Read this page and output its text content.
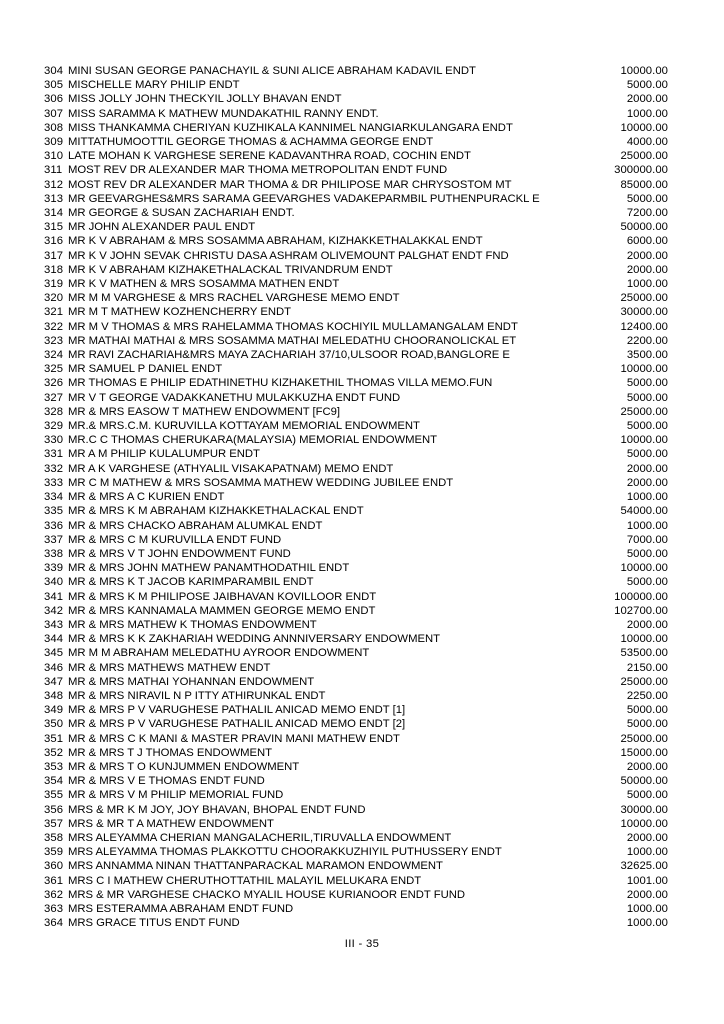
304	MINI SUSAN GEORGE PANACHAYIL & SUNI ALICE ABRAHAM KADAVIL ENDT	10000.00
305	MISCHELLE MARY PHILIP ENDT	5000.00
306	MISS JOLLY JOHN THECKYIL JOLLY BHAVAN ENDT	2000.00
307	MISS SARAMMA K MATHEW MUNDAKATHIL RANNY ENDT.	1000.00
308	MISS THANKAMMA CHERIYAN KUZHIKALA KANNIMEL NANGIARKULANGARA ENDT	10000.00
309	MITTATHUMOOTTIL GEORGE THOMAS & ACHAMMA GEORGE ENDT	4000.00
310	LATE MOHAN K VARGHESE SERENE KADAVANTHRA ROAD, COCHIN ENDT	25000.00
311	MOST REV DR ALEXANDER MAR THOMA METROPOLITAN ENDT FUND	300000.00
312	MOST REV DR ALEXANDER MAR THOMA & DR PHILIPOSE MAR CHRYSOSTOM MT	85000.00
313	MR GEEVARGHES&MRS SARAMA GEEVARGHES VADAKEPARMBIL PUTHENPURACKL E	5000.00
314	MR GEORGE & SUSAN ZACHARIAH ENDT.	7200.00
315	MR JOHN ALEXANDER PAUL ENDT	50000.00
316	MR K V ABRAHAM & MRS SOSAMMA ABRAHAM, KIZHAKKETHALAKKAL ENDT	6000.00
317	MR K V JOHN SEVAK CHRISTU DASA ASHRAM OLIVEMOUNT PALGHAT ENDT FND	2000.00
318	MR K V ABRAHAM KIZHAKETHALACKAL TRIVANDRUM ENDT	2000.00
319	MR K V MATHEN & MRS SOSAMMA MATHEN ENDT	1000.00
320	MR M M VARGHESE & MRS RACHEL VARGHESE MEMO ENDT	25000.00
321	MR M T MATHEW KOZHENCHERRY ENDT	30000.00
322	MR M V THOMAS & MRS RAHELAMMA THOMAS KOCHIYIL MULLAMANGALAM ENDT	12400.00
323	MR MATHAI MATHAI & MRS SOSAMMA MATHAI MELEDATHU CHOORANOLICKAL ET	2200.00
324	MR RAVI ZACHARIAH&MRS MAYA ZACHARIAH 37/10,ULSOOR ROAD,BANGLORE E	3500.00
325	MR SAMUEL P DANIEL ENDT	10000.00
326	MR THOMAS E PHILIP EDATHINETHU KIZHAKETHIL THOMAS VILLA MEMO.FUN	5000.00
327	MR V T GEORGE VADAKKANETHU MULAKKUZHA ENDT FUND	5000.00
328	MR & MRS EASOW T MATHEW ENDOWMENT [FC9]	25000.00
329	MR.& MRS.C.M. KURUVILLA KOTTAYAM MEMORIAL ENDOWMENT	5000.00
330	MR.C C THOMAS CHERUKARA(MALAYSIA) MEMORIAL ENDOWMENT	10000.00
331	MR A M PHILIP KULALUMPUR ENDT	5000.00
332	MR A K VARGHESE (ATHYALIL VISAKAPATNAM) MEMO ENDT	2000.00
333	MR C M MATHEW & MRS SOSAMMA MATHEW WEDDING JUBILEE ENDT	2000.00
334	MR & MRS A C KURIEN ENDT	1000.00
335	MR & MRS K M ABRAHAM KIZHAKKETHALACKAL ENDT	54000.00
336	MR & MRS CHACKO ABRAHAM ALUMKAL ENDT	1000.00
337	MR & MRS C M KURUVILLA ENDT FUND	7000.00
338	MR & MRS V T JOHN ENDOWMENT FUND	5000.00
339	MR & MRS JOHN MATHEW PANAMTHODATHIL ENDT	10000.00
340	MR & MRS K T JACOB KARIMPARAMBIL ENDT	5000.00
341	MR & MRS K M PHILIPOSE JAIBHAVAN KOVILLOOR ENDT	100000.00
342	MR & MRS KANNAMALA MAMMEN GEORGE MEMO ENDT	102700.00
343	MR & MRS MATHEW K THOMAS ENDOWMENT	2000.00
344	MR & MRS K K ZAKHARIAH WEDDING ANNNIVERSARY ENDOWMENT	10000.00
345	MR M M ABRAHAM MELEDATHU AYROOR ENDOWMENT	53500.00
346	MR & MRS MATHEWS MATHEW ENDT	2150.00
347	MR & MRS MATHAI YOHANNAN ENDOWMENT	25000.00
348	MR & MRS NIRAVIL N P ITTY ATHIRUNKAL ENDT	2250.00
349	MR & MRS P V VARUGHESE PATHALIL ANICAD MEMO ENDT [1]	5000.00
350	MR & MRS P V VARUGHESE PATHALIL ANICAD MEMO ENDT [2]	5000.00
351	MR & MRS C K MANI & MASTER PRAVIN MANI MATHEW ENDT	25000.00
352	MR & MRS T J THOMAS ENDOWMENT	15000.00
353	MR & MRS T O KUNJUMMEN ENDOWMENT	2000.00
354	MR & MRS V E THOMAS ENDT FUND	50000.00
355	MR & MRS V M PHILIP MEMORIAL FUND	5000.00
356	MRS & MR K M JOY, JOY BHAVAN, BHOPAL ENDT FUND	30000.00
357	MRS & MR T A MATHEW ENDOWMENT	10000.00
358	MRS ALEYAMMA CHERIAN MANGALACHERIL,TIRUVALLA ENDOWMENT	2000.00
359	MRS ALEYAMMA THOMAS PLAKKOTTU CHOORAKKUZHIYIL PUTHUSSERY ENDT	1000.00
360	MRS ANNAMMA NINAN THATTANPARACKAL MARAMON ENDOWMENT	32625.00
361	MRS C I MATHEW CHERUTHOTTATHIL MALAYIL MELUKARA ENDT	1001.00
362	MRS & MR VARGHESE CHACKO MYALIL HOUSE KURIANOOR ENDT FUND	2000.00
363	MRS ESTERAMMA ABRAHAM ENDT FUND	1000.00
364	MRS GRACE TITUS ENDT FUND	1000.00
III - 35
